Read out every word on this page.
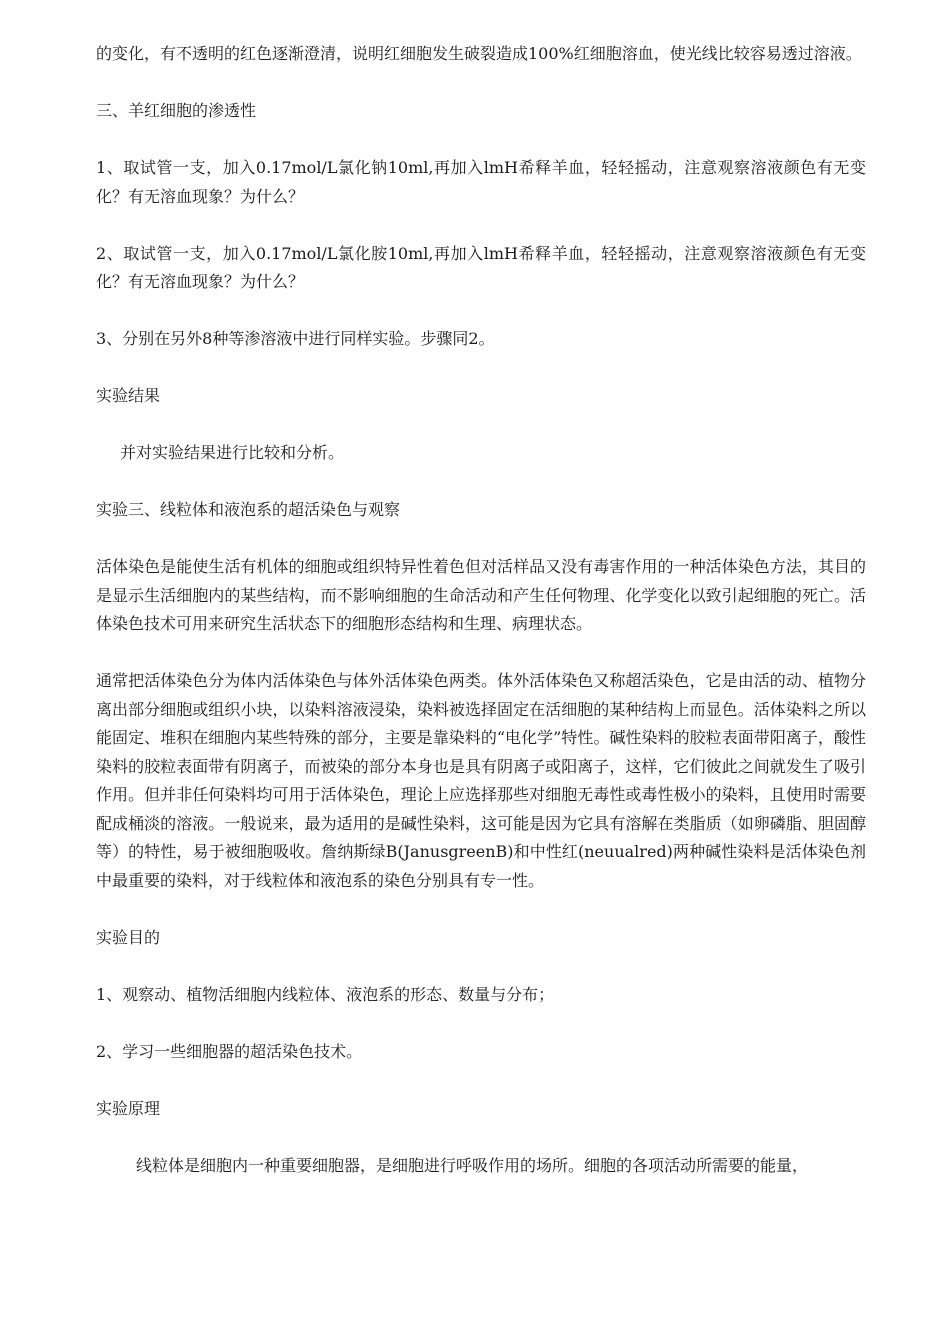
的变化，有不透明的红色逐渐澄清，说明红细胞发生破裂造成100%红细胞溶血，使光线比较容易透过溶液。

三、羊红细胞的渗透性

1、取试管一支，加入0.17mol/L氯化钠10ml,再加入lmH希释羊血，轻轻摇动，注意观察溶液颜色有无变化？有无溶血现象？为什么？

2、取试管一支，加入0.17mol/L氯化胺10ml,再加入lmH希释羊血，轻轻摇动，注意观察溶液颜色有无变化？有无溶血现象？为什么？

3、分别在另外8种等渗溶液中进行同样实验。步骤同2。

实验结果

并对实验结果进行比较和分析。

实验三、线粒体和液泡系的超活染色与观察

活体染色是能使生活有机体的细胞或组织特异性着色但对活样品又没有毒害作用的一种活体染色方法，其目的是显示生活细胞内的某些结构，而不影响细胞的生命活动和产生任何物理、化学变化以致引起细胞的死亡。活体染色技术可用来研究生活状态下的细胞形态结构和生理、病理状态。

通常把活体染色分为体内活体染色与体外活体染色两类。体外活体染色又称超活染色，它是由活的动、植物分离出部分细胞或组织小块，以染料溶液浸染，染料被选择固定在活细胞的某种结构上而显色。活体染料之所以能固定、堆积在细胞内某些特殊的部分，主要是靠染料的“电化学”特性。碱性染料的胶粒表面带阳离子，酸性染料的胶粒表面带有阴离子，而被染的部分本身也是具有阴离子或阳离子，这样，它们彼此之间就发生了吸引作用。但并非任何染料均可用于活体染色，理论上应选择那些对细胞无毒性或毒性极小的染料，且使用时需要配成桶淡的溶液。一般说来，最为适用的是碱性染料，这可能是因为它具有溶解在类脂质（如卵磷脂、胆固醇等）的特性，易于被细胞吸收。詹纳斯绿B(JanusgreenB)和中性红(neuualred)两种碱性染料是活体染色剂中最重要的染料，对于线粒体和液泡系的染色分别具有专一性。

实验目的

1、观察动、植物活细胞内线粒体、液泡系的形态、数量与分布；

2、学习一些细胞器的超活染色技术。

实验原理

线粒体是细胞内一种重要细胞器，是细胞进行呼吸作用的场所。细胞的各项活动所需要的能量，
